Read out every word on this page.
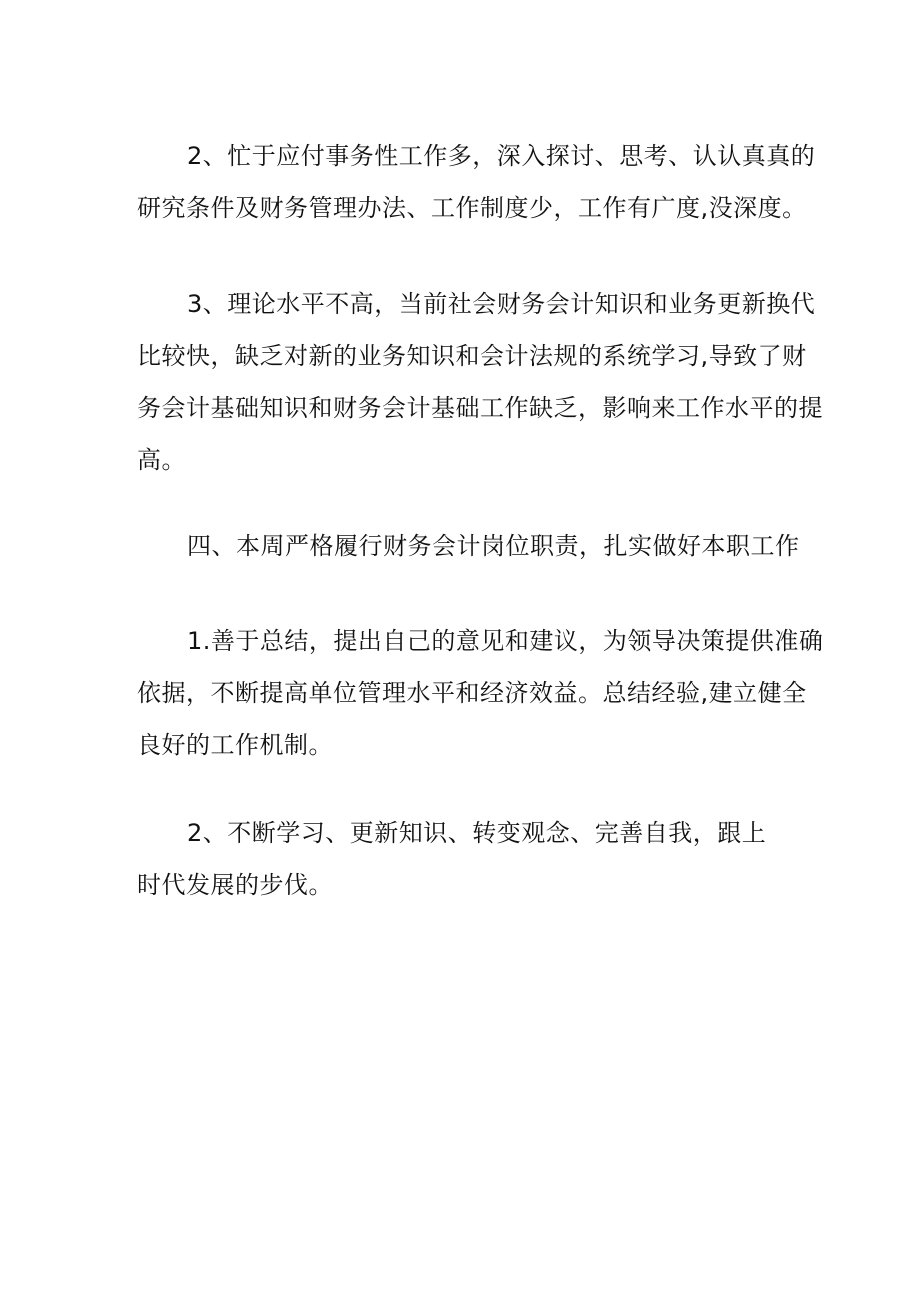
2、忙于应付事务性工作多，深入探讨、思考、认认真真的
研究条件及财务管理办法、工作制度少，工作有广度,没深度。
3、理论水平不高，当前社会财务会计知识和业务更新换代
比较快，缺乏对新的业务知识和会计法规的系统学习,导致了财
务会计基础知识和财务会计基础工作缺乏，影响来工作水平的提
高。
四、本周严格履行财务会计岗位职责，扎实做好本职工作
1.善于总结，提出自己的意见和建议，为领导决策提供准确
依据，不断提高单位管理水平和经济效益。总结经验,建立健全
良好的工作机制。
2、不断学习、更新知识、转变观念、完善自我，跟上
时代发展的步伐。
